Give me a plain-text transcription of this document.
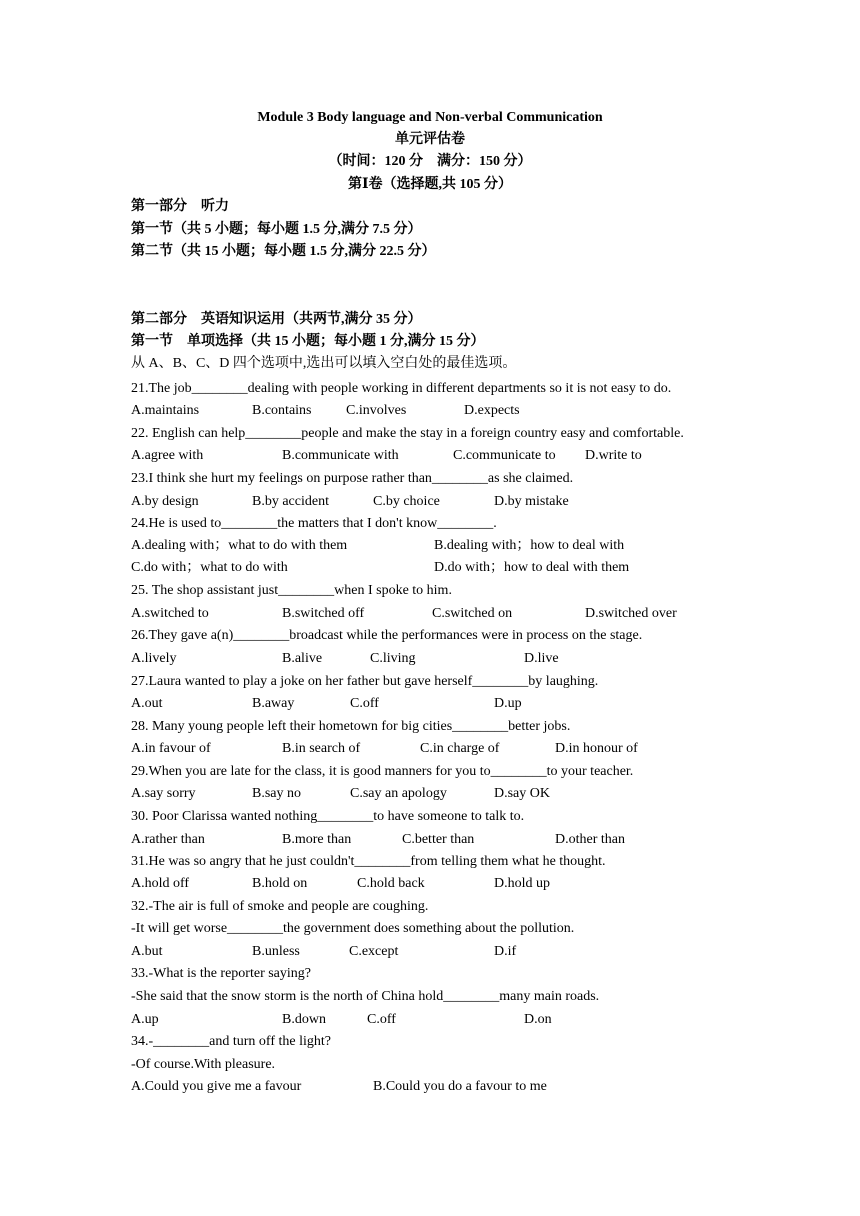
Module 3 Body language and Non-verbal Communication
单元评估卷
（时间：120 分　满分：150 分）
第Ⅰ卷（选择题,共 105 分）
第一部分　听力
第一节（共 5 小题；每小题 1.5 分,满分 7.5 分）
第二节（共 15 小题；每小题 1.5 分,满分 22.5 分）
第二部分　英语知识运用（共两节,满分 35 分）
第一节　单项选择（共 15 小题；每小题 1 分,满分 15 分）
从 A、B、C、D 四个选项中,选出可以填入空白处的最佳选项。
21.The job________dealing with people working in different departments so it is not easy to do.
A.maintains	B.contains C.involves	D.expects
22. English can help________people and make the stay in a foreign country easy and comfortable.
A.agree with	B.communicate with	C.communicate to D.write to
23.I think she hurt my feelings on purpose rather than________as she claimed.
A.by design	B.by accident	C.by choice	D.by mistake
24.He is used to________the matters that I don't know________.
A.dealing with；what to do with them	B.dealing with；how to deal with
C.do with；what to do with	D.do with；how to deal with them
25. The shop assistant just________when I spoke to him.
A.switched to	B.switched off	C.switched on	D.switched over
26.They gave a(n)________broadcast while the performances were in process on the stage.
A.lively	B.alive	C.living	D.live
27.Laura wanted to play a joke on her father but gave herself________by laughing.
A.out	B.away	C.off	D.up
28. Many young people left their hometown for big cities________better jobs.
A.in favour of	B.in search of	C.in charge of	D.in honour of
29.When you are late for the class, it is good manners for you to________to your teacher.
A.say sorry	B.say no	C.say an apology	D.say OK
30. Poor Clarissa wanted nothing________to have someone to talk to.
A.rather than	B.more than	C.better than	D.other than
31.He was so angry that he just couldn't________from telling them what he thought.
A.hold off	B.hold on	C.hold back	D.hold up
32.-The air is full of smoke and people are coughing.
-It will get worse________the government does something about the pollution.
A.but	B.unless	C.except	D.if
33.-What is the reporter saying?
-She said that the snow storm is the north of China hold________many main roads.
A.up	B.down	C.off	D.on
34.-________and turn off the light?
-Of course.With pleasure.
A.Could you give me a favour	B.Could you do a favour to me
